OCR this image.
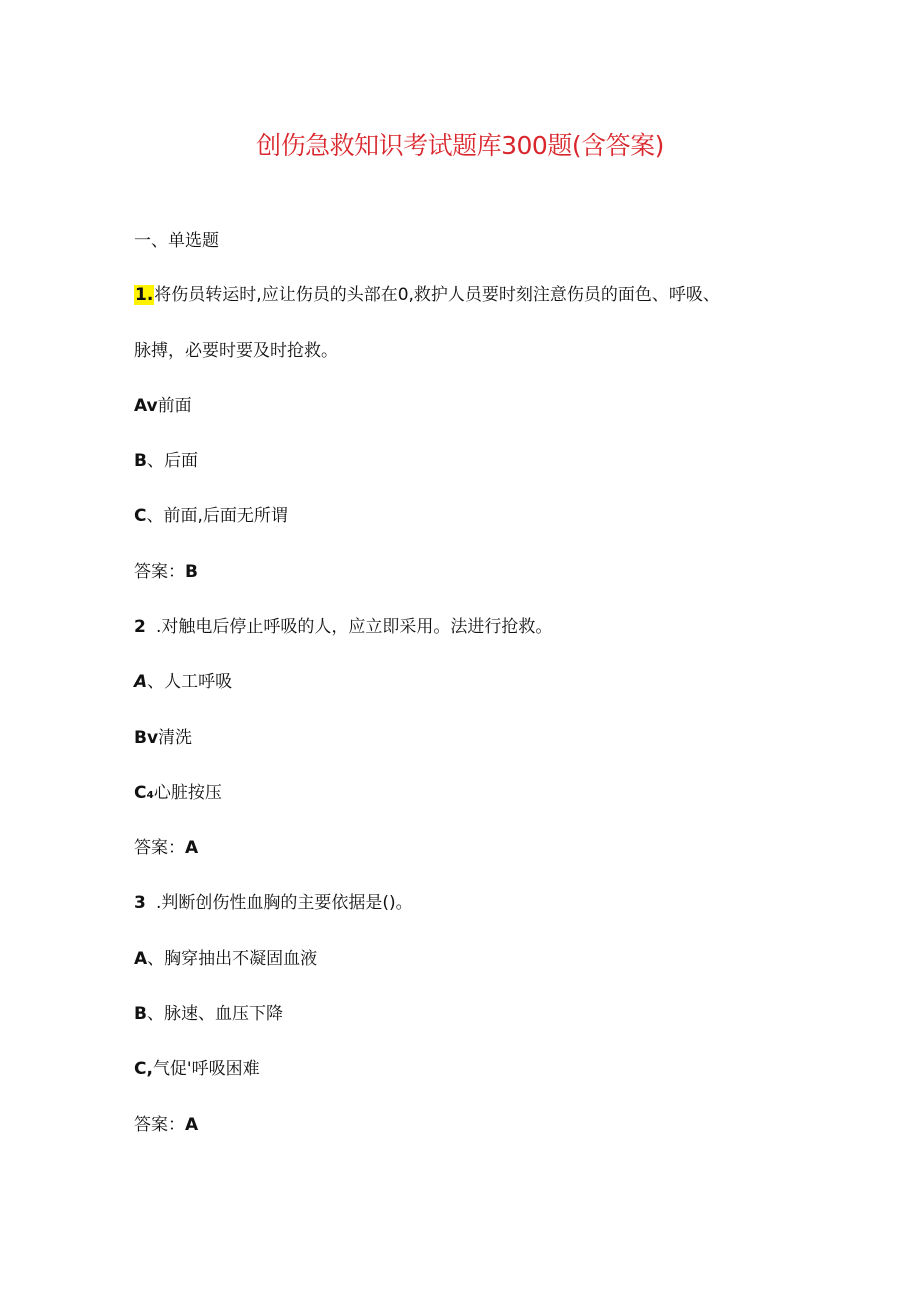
创伤急救知识考试题库300题(含答案)
一、单选题
1.将伤员转运时,应让伤员的头部在0,救护人员要时刻注意伤员的面色、呼吸、
脉搏，必要时要及时抢救。
Av前面
B、后面
C、前面,后面无所谓
答案：B
2 .对触电后停止呼吸的人，应立即采用。法进行抢救。
A、人工呼吸
Bv清洗
C₄心脏按压
答案：A
3 .判断创伤性血胸的主要依据是()。
A、胸穿抽出不凝固血液
B、脉速、血压下降
C,气促'呼吸困难
答案：A
